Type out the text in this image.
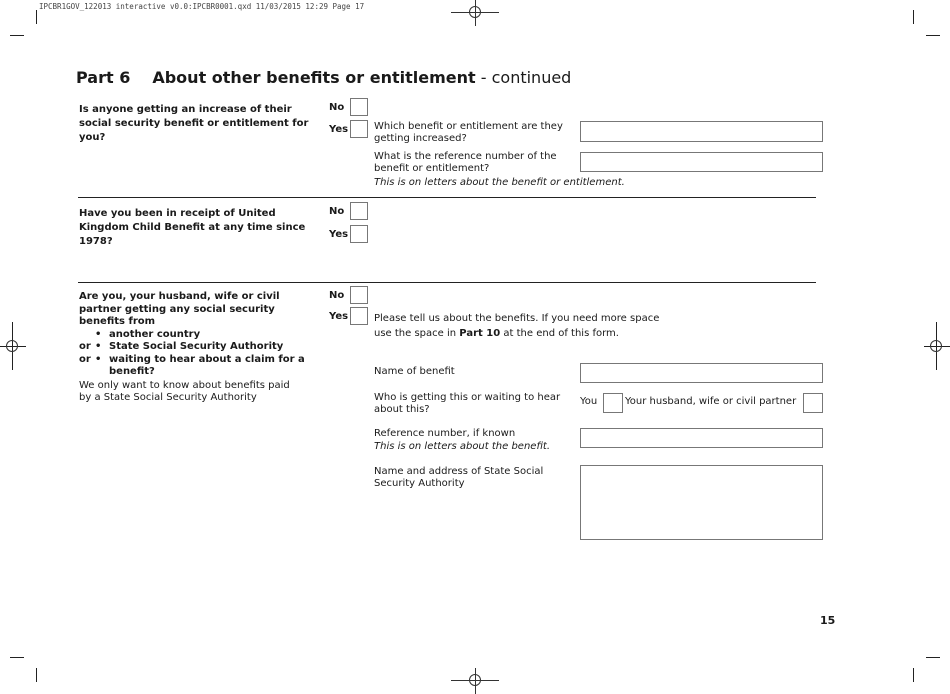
IPCBR1GOV_122013 interactive v0.0:IPCBR0001.qxd 11/03/2015 12:29 Page 17
Part 6 About other benefits or entitlement - continued
Is anyone getting an increase of their social security benefit or entitlement for you?
No
Yes	Which benefit or entitlement are they getting increased?
What is the reference number of the benefit or entitlement?
This is on letters about the benefit or entitlement.
Have you been in receipt of United Kingdom Child Benefit at any time since 1978?
No
Yes
Are you, your husband, wife or civil partner getting any social security benefits from
• another country
or • State Social Security Authority
or • waiting to hear about a claim for a benefit?
We only want to know about benefits paid by a State Social Security Authority
No
Yes	Please tell us about the benefits. If you need more space
use the space in Part 10 at the end of this form.
Name of benefit
Who is getting this or waiting to hear about this?
You	Your husband, wife or civil partner
Reference number, if known
This is on letters about the benefit.
Name and address of State Social Security Authority
15
